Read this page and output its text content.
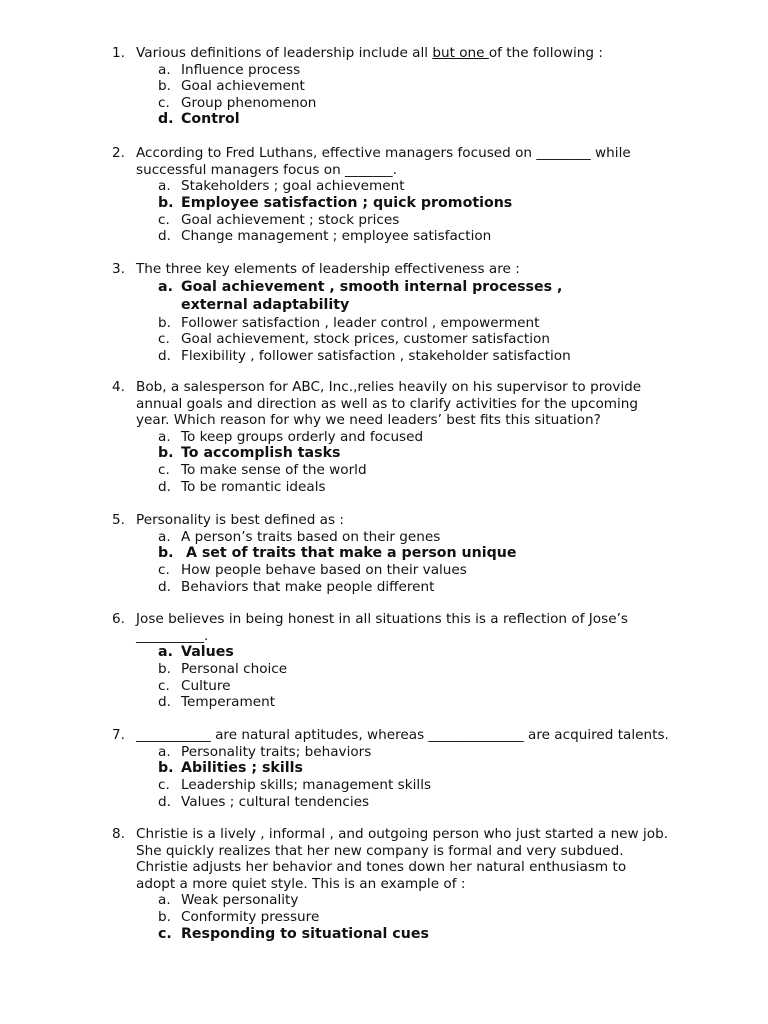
1. Various definitions of leadership include all but one of the following :
a. Influence process
b. Goal achievement
c. Group phenomenon
d. Control
2. According to Fred Luthans, effective managers focused on ________ while
successful managers focus on _______.
a. Stakeholders ; goal achievement
b. Employee satisfaction ; quick promotions
c. Goal achievement ; stock prices
d. Change management ; employee satisfaction
3. The three key elements of leadership effectiveness are :
a. Goal achievement , smooth internal processes , external adaptability
b. Follower satisfaction , leader control , empowerment
c. Goal achievement, stock prices, customer satisfaction
d. Flexibility , follower satisfaction , stakeholder satisfaction
4. Bob, a salesperson for ABC, Inc.,relies heavily on his supervisor to provide
annual goals and direction as well as to clarify activities for the upcoming
year. Which reason for why we need leaders’ best fits this situation?
a. To keep groups orderly and focused
b. To accomplish tasks
c. To make sense of the world
d. To be romantic ideals
5. Personality is best defined as :
a. A person’s traits based on their genes
b. A set of traits that make a person unique
c. How people behave based on their values
d. Behaviors that make people different
6. Jose believes in being honest in all situations this is a reflection of Jose’s
__________.
a. Values
b. Personal choice
c. Culture
d. Temperament
7. ___________ are natural aptitudes, whereas ______________ are acquired talents.
a. Personality traits; behaviors
b. Abilities ; skills
c. Leadership skills; management skills
d. Values ; cultural tendencies
8. Christie is a lively , informal , and outgoing person who just started a new job.
She quickly realizes that her new company is formal and very subdued.
Christie adjusts her behavior and tones down her natural enthusiasm to
adopt a more quiet style. This is an example of :
a. Weak personality
b. Conformity pressure
c. Responding to situational cues
